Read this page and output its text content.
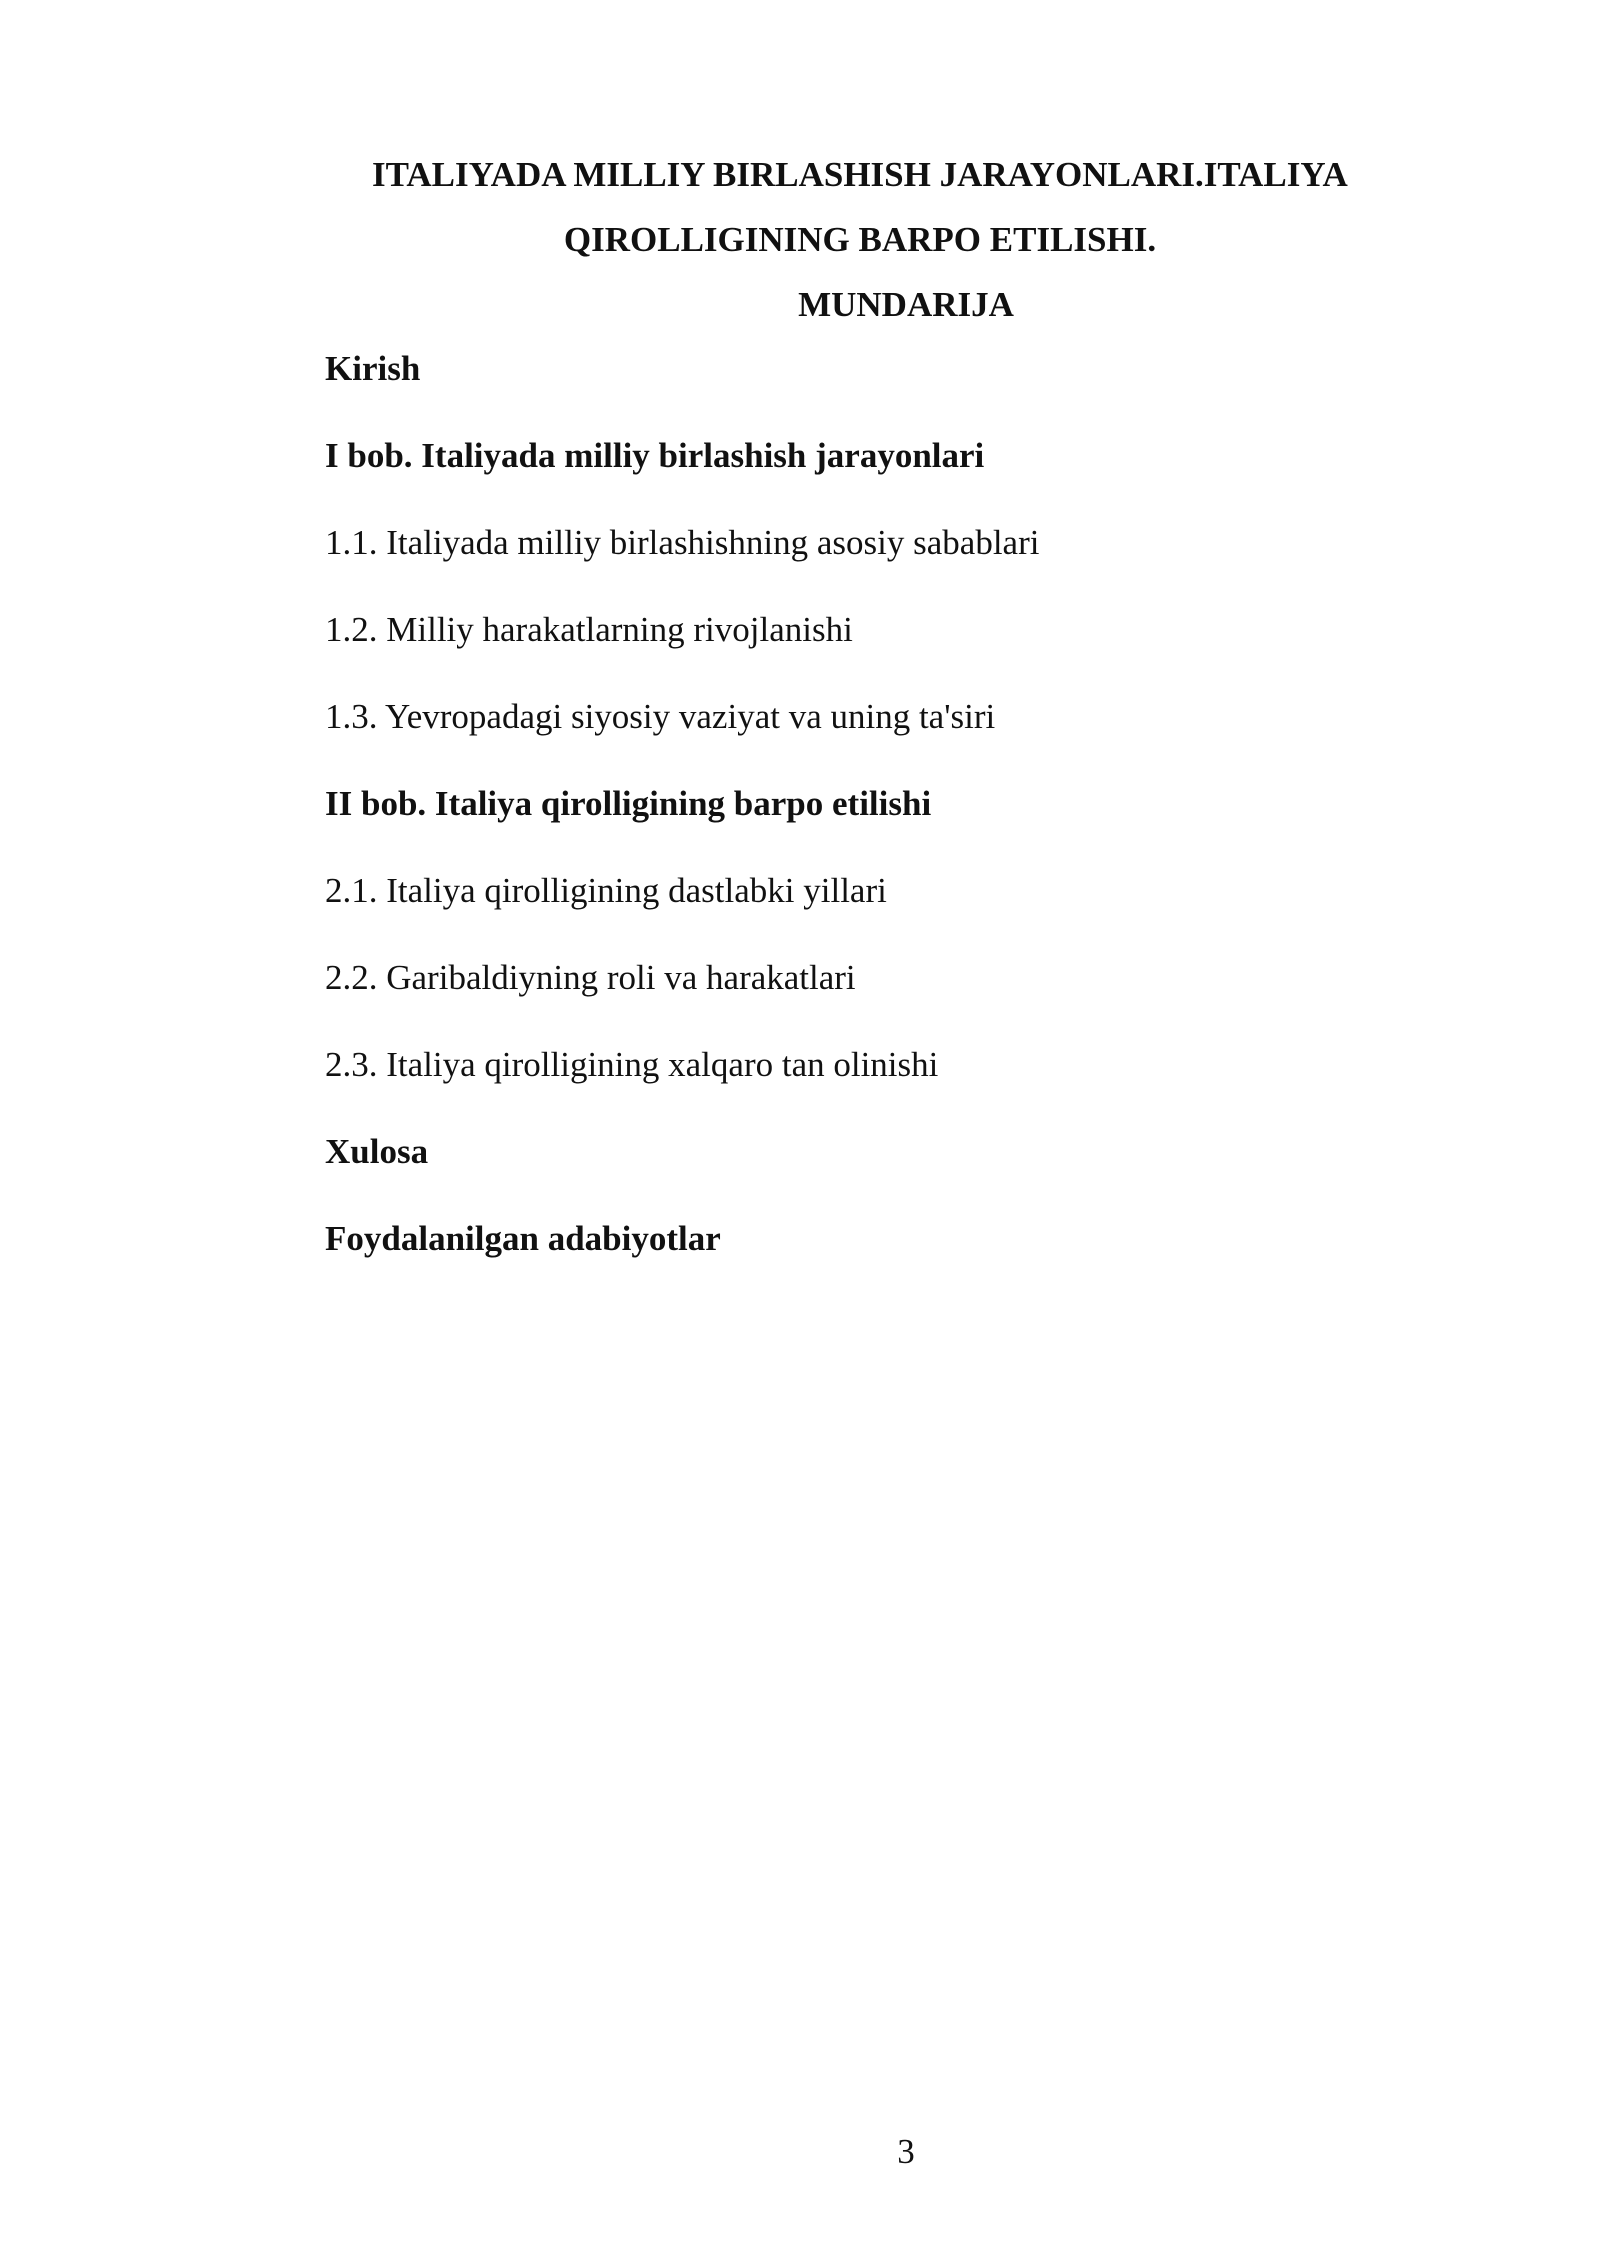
ITALIYADA MILLIY BIRLASHISH JARAYONLARI.ITALIYA
QIROLLIGINING BARPO ETILISHI.
MUNDARIJA
Kirish
I bob. Italiyada milliy birlashish jarayonlari
1.1. Italiyada milliy birlashishning asosiy sabablari
1.2. Milliy harakatlarning rivojlanishi
1.3. Yevropadagi siyosiy vaziyat va uning ta'siri
II bob. Italiya qirolligining barpo etilishi
2.1. Italiya qirolligining dastlabki yillari
2.2. Garibaldiyning roli va harakatlari
2.3. Italiya qirolligining xalqaro tan olinishi
Xulosa
Foydalanilgan adabiyotlar
3
